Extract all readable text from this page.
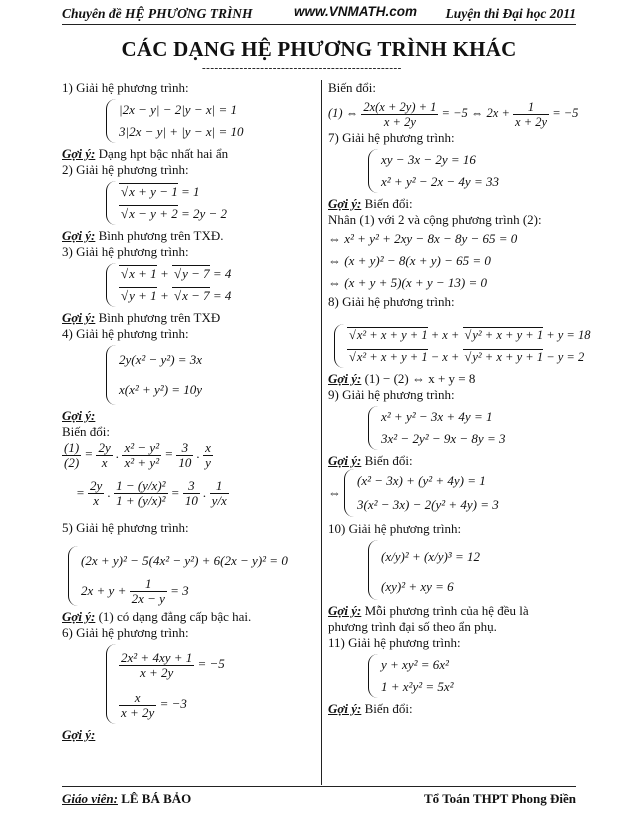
Chuyên đề HỆ PHƯƠNG TRÌNH	www.VNMATH.com Luyện thi Đại học 2011
CÁC DẠNG HỆ PHƯƠNG TRÌNH KHÁC
------------------------------------------------
1) Giải hệ phương trình:
|2x − y| − 2|y − x| = 1
3|2x − y| + |y − x| = 10
Gợi ý: Dạng hpt bậc nhất hai ẩn
2) Giải hệ phương trình:
√ x + y − 1 = 1
√ x − y + 2 = 2y − 2
Gợi ý: Bình phương trên TXĐ.
3) Giải hệ phương trình:
√ x + 1 + √ y − 7 = 4
√ y + 1 + √ x − 7 = 4
Gợi ý: Bình phương trên TXĐ
4) Giải hệ phương trình:
2y(x² − y²) = 3x
x(x² + y²) = 10y
Gợi ý:
Biến đổi:
$\frac{(1)}{(2)} = \frac{2y}{x}$ . $\frac{\text{x² − y²}}{\text{x² + y²}} = \frac{3}{10}$ . $\frac{x}{y}$
= $\frac{2y}{x}$ . $\frac{\text{1 − (y/x)²}}{\text{1 + (y/x)²}} = \frac{3}{10}$ . $\frac{1}{y/x}$
5) Giải hệ phương trình:
(2x + y)² − 5(4x² − y²) + 6(2x − y)² = 0
$2x + y + \frac{1}{2x - y} = 3$
Gợi ý: (1) có dạng đẳng cấp bậc hai.
6) Giải hệ phương trình:
$\frac{\text{2x² + 4xy + 1}}{x + 2y} = -5$
$\frac{x}{x + 2y} = -3$
Gợi ý:
Biến đổi:
(1) ⇔ $\frac{2x(x + 2y) + 1}{x + 2y} = -5$ ⇔ $2x + \frac{1}{x + 2y} = -5$
7) Giải hệ phương trình:
xy − 3x − 2y = 16
x² + y² − 2x − 4y = 33
Gợi ý: Biến đổi:
Nhân (1) với 2 và cộng phương trình (2):
⇔ x² + y² + 2xy − 8x − 8y − 65 = 0
⇔ (x + y)² − 8(x + y) − 65 = 0
⇔ (x + y + 5)(x + y − 13) = 0
8) Giải hệ phương trình:
√ x² + x + y + 1 + x + √ y² + x + y + 1 + y = 18
√ x² + x + y + 1 − x + √ y² + x + y + 1 − y = 2
Gợi ý: (1) − (2) ⇔ x + y = 8
9) Giải hệ phương trình:
x² + y² − 3x + 4y = 1
3x² − 2y² − 9x − 8y = 3
Gợi ý: Biến đổi:
⇔
(x² − 3x) + (y² + 4y) = 1
3(x² − 3x) − 2(y² + 4y) = 3
10) Giải hệ phương trình:
(x/y)² + (x/y)³ = 12
(xy)² + xy = 6
Gợi ý: Mỗi phương trình của hệ đều là
phương trình đại số theo ẩn phụ.
11) Giải hệ phương trình:
y + xy² = 6x²
1 + x²y² = 5x²
Gợi ý: Biến đổi:
Giáo viên: LÊ BÁ BẢO	Tổ Toán THPT Phong Điền
